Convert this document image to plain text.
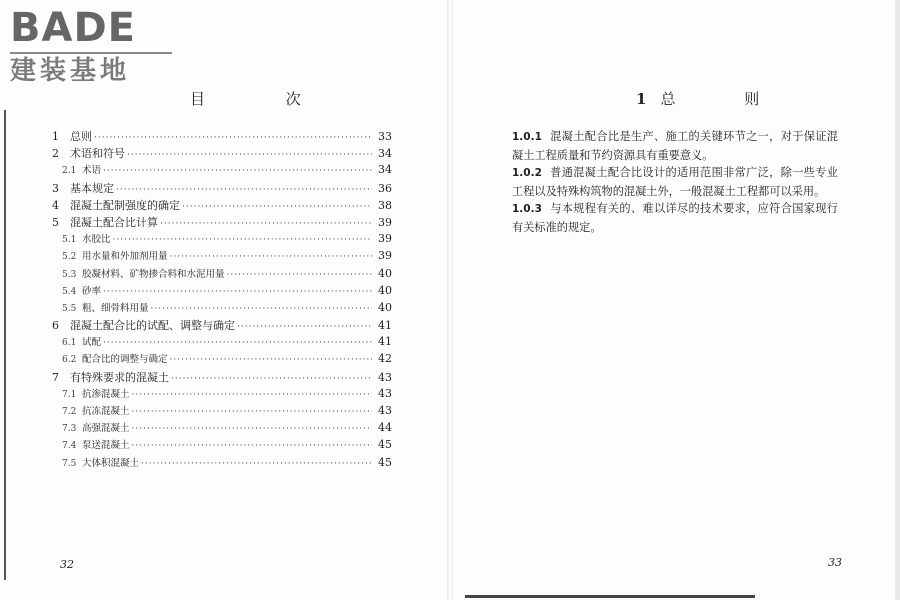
BADE
建装基地
目 次
1	总则 ·····	33
2	术语和符号 ·····	34
2.1 术语 ·····	34
3	基本规定 ·····	36
4	混凝土配制强度的确定 ·····	38
5	混凝土配合比计算 ·····	39
5.1 水胶比 ·····	39
5.2 用水量和外加剂用量 ·····	39
5.3 胶凝材料、矿物掺合料和水泥用量 ·····	40
5.4 砂率 ·····	40
5.5 粗、细骨料用量 ·····	40
6	混凝土配合比的试配、调整与确定 ·····	41
6.1 试配 ·····	41
6.2 配合比的调整与确定 ·····	42
7	有特殊要求的混凝土 ·····	43
7.1 抗渗混凝土 ·····	43
7.2 抗冻混凝土 ·····	43
7.3 高强混凝土 ·····	44
7.4 泵送混凝土 ·····	45
7.5 大体积混凝土 ·····	45
32
1 总 则
1.0.1 混凝土配合比是生产、施工的关键环节之一，对于保证混凝土工程质量和节约资源具有重要意义。
1.0.2 普通混凝土配合比设计的适用范围非常广泛，除一些专业工程以及特殊构筑物的混凝土外，一般混凝土工程都可以采用。
1.0.3 与本规程有关的、难以详尽的技术要求，应符合国家现行有关标准的规定。
33
